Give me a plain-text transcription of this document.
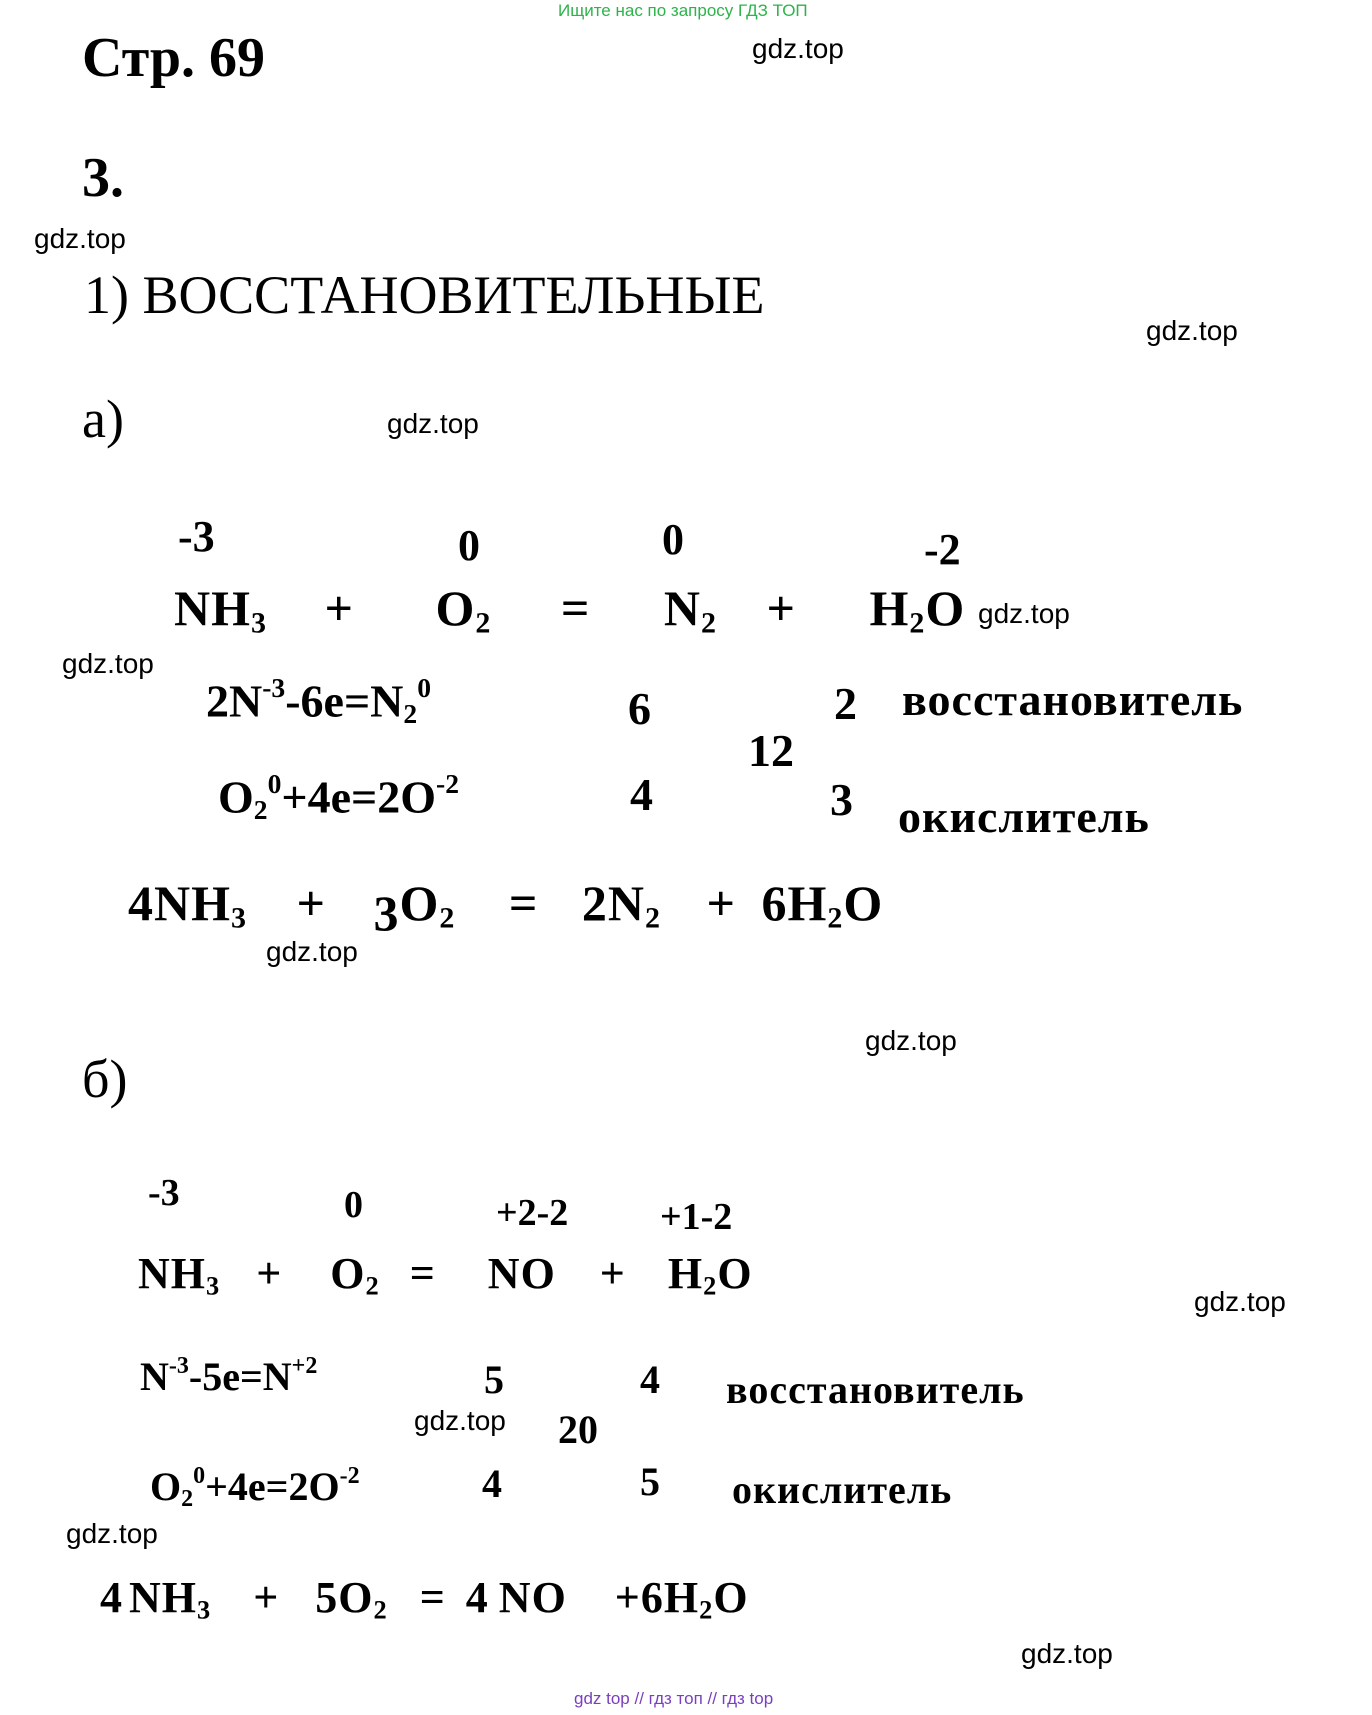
Ищите нас по запросу ГДЗ ТОП
Стр. 69
3.
1) ВОССТАНОВИТЕЛЬНЫЕ
gdz.top
gdz.top
gdz.top
gdz.top
gdz.top
gdz.top
gdz.top
gdz.top
gdz.top
gdz.top
gdz.top
gdz.top
а)
-3	0	0	-2
$NH_3 + O_2 = N_2 + H_2O$
$2N^{-3}-6e=N_2^0$
$O_2^0+4e=2O^{-2}$
6
4
12
2
3
восстановитель
окислитель
$4NH_3 + 3O_2 = 2N_2 + 6H_2O$
б)
-3	0	+2-2 +1-2
$NH_3 + O_2$ = NO + $H_2O$
$N^{-3}-5e=N^{+2}$
$O_2^0+4e=2O^{-2}$
5
4
20
4
5
восстановитель
окислитель
4 $NH_3 + 5O_2 = 4$ NO $+6H_2O$
gdz top // гдз топ // гдз top
